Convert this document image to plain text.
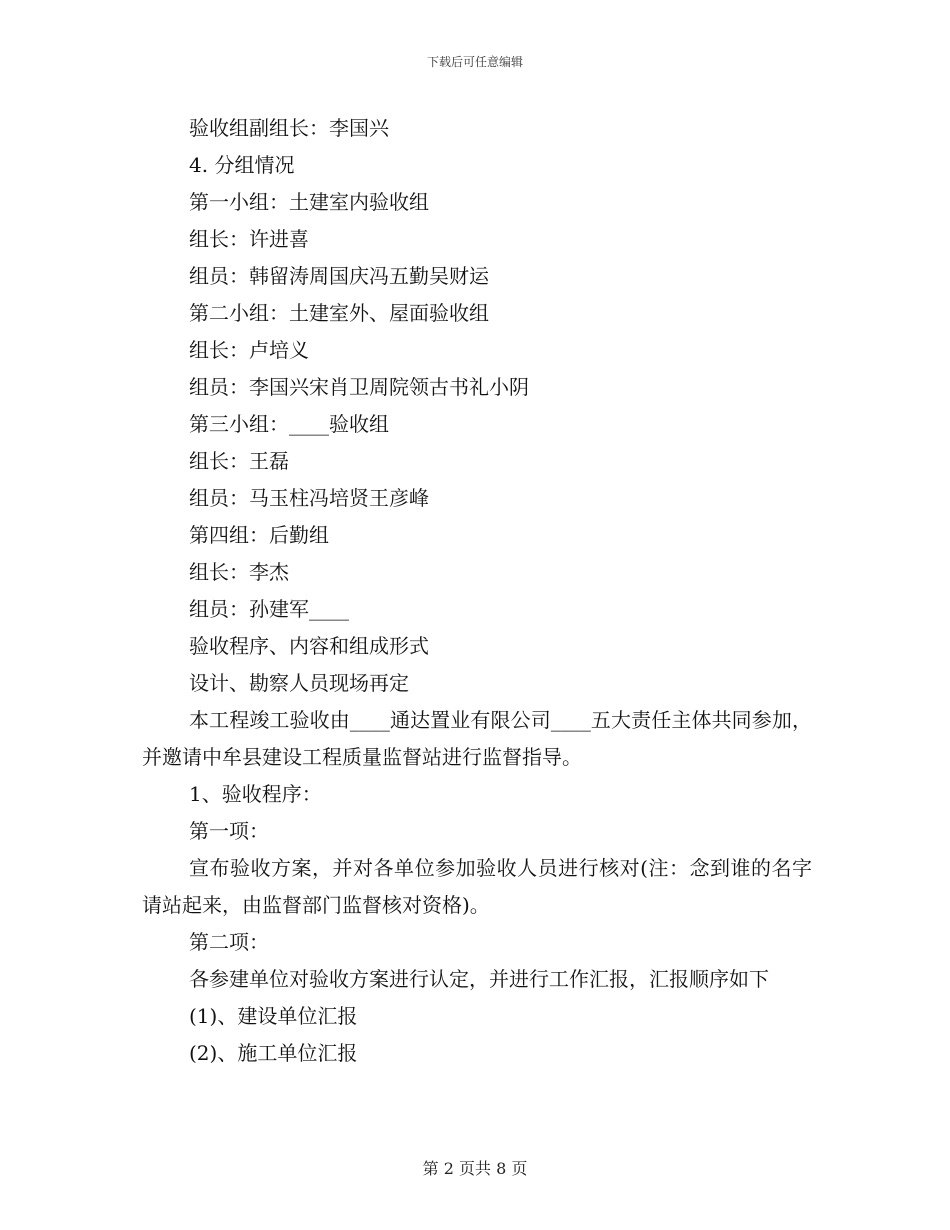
下载后可任意编辑
验收组副组长：李国兴
4. 分组情况
第一小组：土建室内验收组
组长：许进喜
组员：韩留涛周国庆冯五勤吴财运
第二小组：土建室外、屋面验收组
组长：卢培义
组员：李国兴宋肖卫周院领古书礼小阴
第三小组：____验收组
组长：王磊
组员：马玉柱冯培贤王彦峰
第四组：后勤组
组长：李杰
组员：孙建军____
验收程序、内容和组成形式
设计、勘察人员现场再定
本工程竣工验收由____通达置业有限公司____五大责任主体共同参加，并邀请中牟县建设工程质量监督站进行监督指导。
1、验收程序：
第一项：
宣布验收方案，并对各单位参加验收人员进行核对(注：念到谁的名字请站起来，由监督部门监督核对资格)。
第二项：
各参建单位对验收方案进行认定，并进行工作汇报，汇报顺序如下
(1)、建设单位汇报
(2)、施工单位汇报
第 2 页共 8 页
